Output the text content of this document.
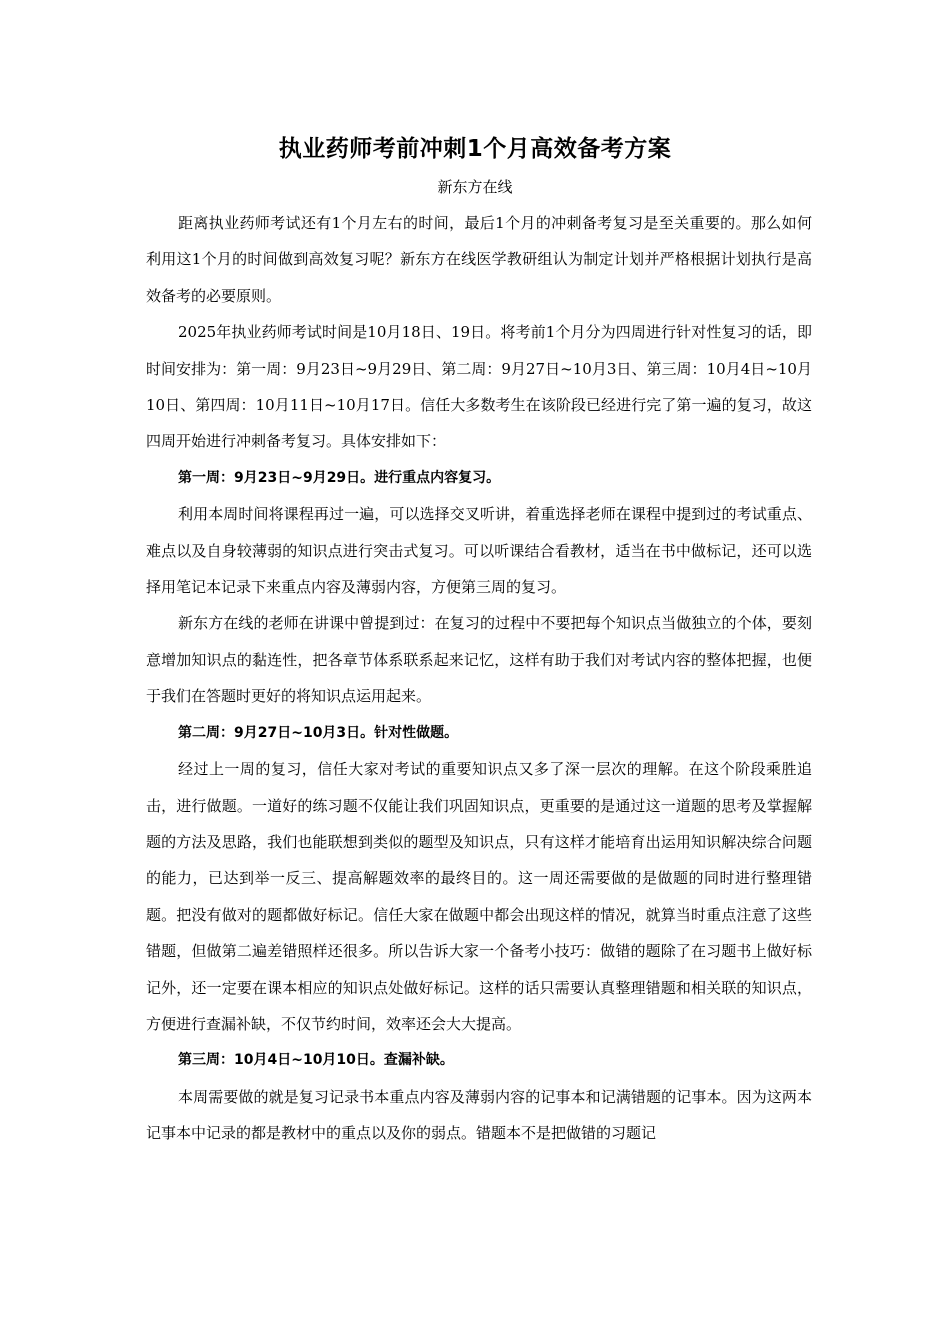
执业药师考前冲刺1个月高效备考方案
新东方在线

距离执业药师考试还有1个月左右的时间，最后1个月的冲刺备考复习是至关重要的。那么如何利用这1个月的时间做到高效复习呢？新东方在线医学教研组认为制定计划并严格根据计划执行是高效备考的必要原则。

2025年执业药师考试时间是10月18日、19日。将考前1个月分为四周进行针对性复习的话，即时间安排为：第一周：9月23日~9月29日、第二周：9月27日~10月3日、第三周：10月4日~10月10日、第四周：10月11日~10月17日。信任大多数考生在该阶段已经进行完了第一遍的复习，故这四周开始进行冲刺备考复习。具体安排如下：

第一周：9月23日~9月29日。进行重点内容复习。

利用本周时间将课程再过一遍，可以选择交叉听讲，着重选择老师在课程中提到过的考试重点、难点以及自身较薄弱的知识点进行突击式复习。可以听课结合看教材，适当在书中做标记，还可以选择用笔记本记录下来重点内容及薄弱内容，方便第三周的复习。

新东方在线的老师在讲课中曾提到过：在复习的过程中不要把每个知识点当做独立的个体，要刻意增加知识点的黏连性，把各章节体系联系起来记忆，这样有助于我们对考试内容的整体把握，也便于我们在答题时更好的将知识点运用起来。

第二周：9月27日~10月3日。针对性做题。

经过上一周的复习，信任大家对考试的重要知识点又多了深一层次的理解。在这个阶段乘胜追击，进行做题。一道好的练习题不仅能让我们巩固知识点，更重要的是通过这一道题的思考及掌握解题的方法及思路，我们也能联想到类似的题型及知识点，只有这样才能培育出运用知识解决综合问题的能力，已达到举一反三、提高解题效率的最终目的。这一周还需要做的是做题的同时进行整理错题。把没有做对的题都做好标记。信任大家在做题中都会出现这样的情况，就算当时重点注意了这些错题，但做第二遍差错照样还很多。所以告诉大家一个备考小技巧：做错的题除了在习题书上做好标记外，还一定要在课本相应的知识点处做好标记。这样的话只需要认真整理错题和相关联的知识点，方便进行查漏补缺，不仅节约时间，效率还会大大提高。

第三周：10月4日~10月10日。查漏补缺。

本周需要做的就是复习记录书本重点内容及薄弱内容的记事本和记满错题的记事本。因为这两本记事本中记录的都是教材中的重点以及你的弱点。错题本不是把做错的习题记
